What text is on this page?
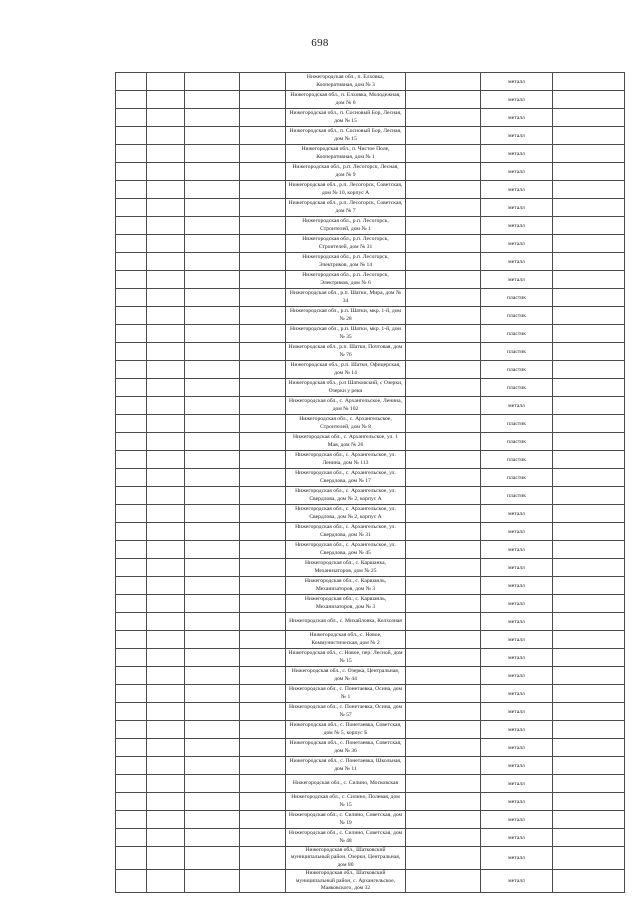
698
				Нижегородская обл., п. Елховка, Кооперативная, дом № 3		металл	
				Нижегородская обл., п. Елховка, Молодежная, дом № 6		металл	
				Нижегородская обл., п. Сосновый Бор, Лесная, дом № 15		металл	
				Нижегородская обл., п. Сосновый Бор, Лесная, дом № 15		металл	
				Нижегородская обл., п. Чистое Поле, Кооперативная, дом № 1		металл	
				Нижегородская обл., р.п. Лесогорск, Лесная, дом № 9		металл	
				Нижегородская обл., р.п. Лесогорск, Советская, дом № 10, корпус А		металл	
				Нижегородская обл., р.п. Лесогорск, Советская, дом № 7		металл	
				Нижегородская обл., р.п. Лесогорск, Строителей, дом № 1		металл	
				Нижегородская обл., р.п. Лесогорск, Строителей, дом № 31		металл	
				Нижегородская обл., р.п. Лесогорск, Электриков, дом № 14		металл	
				Нижегородская обл., р.п. Лесогорск, Электриков, дом № 6		металл	
				Нижегородская обл., р.п. Шатки, Мира, дом № 34		пластик	
				Нижегородская обл., р.п. Шатки, мкр. 1-й, дом № 28		пластик	
				Нижегородская обл., р.п. Шатки, мкр. 1-й, дом № 35		пластик	
				Нижегородская обл., р.п. Шатки, Почтовая, дом № 76		пластик	
				Нижегородская обл., р.п. Шатки, Офицерская, дом № 14		пластик	
				Нижегородская обл., р.п Шатковский, с Озерки, Озерки у реки		пластик	
				Нижегородская обл., с. Архангельское, Ленина, дом № 102		металл	
				Нижегородская обл., с. Архангельское, Строителей, дом № 8		пластик	
				Нижегородская обл., с. Архангельское, ул. 1 Мая, дом № 26		пластик	
				Нижегородская обл., с. Архангельское, ул. Ленина, дом № 113		пластик	
				Нижегородская обл., с. Архангельское, ул. Свердлова, дом № 17		пластик	
				Нижегородская обл., с. Архангельское, ул. Свердлова, дом № 2, корпус А		пластик	
				Нижегородская обл., с. Архангельское, ул. Свердлова, дом № 2, корпус А		металл	
				Нижегородская обл., с. Архангельское, ул. Свердлова, дом № 31		металл	
				Нижегородская обл., с. Архангельское, ул. Свердлова, дом № 45		металл	
				Нижегородская обл., с. Каршанка, Механизаторов, дом № 25		металл	
				Нижегородская обл., с. Каршанль, Механизаторов, дом № 3		металл	
				Нижегородская обл., с. Каршанль, Механизаторов, дом № 3		металл	
				Нижегородская обл., с. Михайловка, Колхозная		металл	
				Нижегородская обл., с. Новое, Коммунистическая, дом № 2		металл	
				Нижегородская обл., с. Новое, пер. Лесной, дом № 15		металл	
				Нижегородская обл., с. Озерка, Центральная, дом № 44		металл	
				Нижегородская обл., с. Понетаевка, Осина, дом № 1		металл	
				Нижегородская обл., с. Понетаевка, Осина, дом № 57		металл	
				Нижегородская обл., с. Понетаевка, Советская, дом № 5, корпус Б		металл	
				Нижегородская обл., с. Понетаевка, Советская, дом № 36		металл	
				Нижегородская обл., с. Понетаевка, Школьная, дом № 11		металл	
				Нижегородская обл., с. Силино, Московская		металл	
				Нижегородская обл., с. Силино, Полевая, дом № 15		металл	
				Нижегородская обл., с. Силино, Советская, дом № 19		металл	
				Нижегородская обл., с. Силино, Советская, дом № 48		металл	
				Нижегородская обл., Шатковский муниципальный район, Озерки, Центральная, дом 80		металл	
				Нижегородская обл., Шатковский муниципальный район, с. Архангельское, Маяковского, дом 32		металл	
